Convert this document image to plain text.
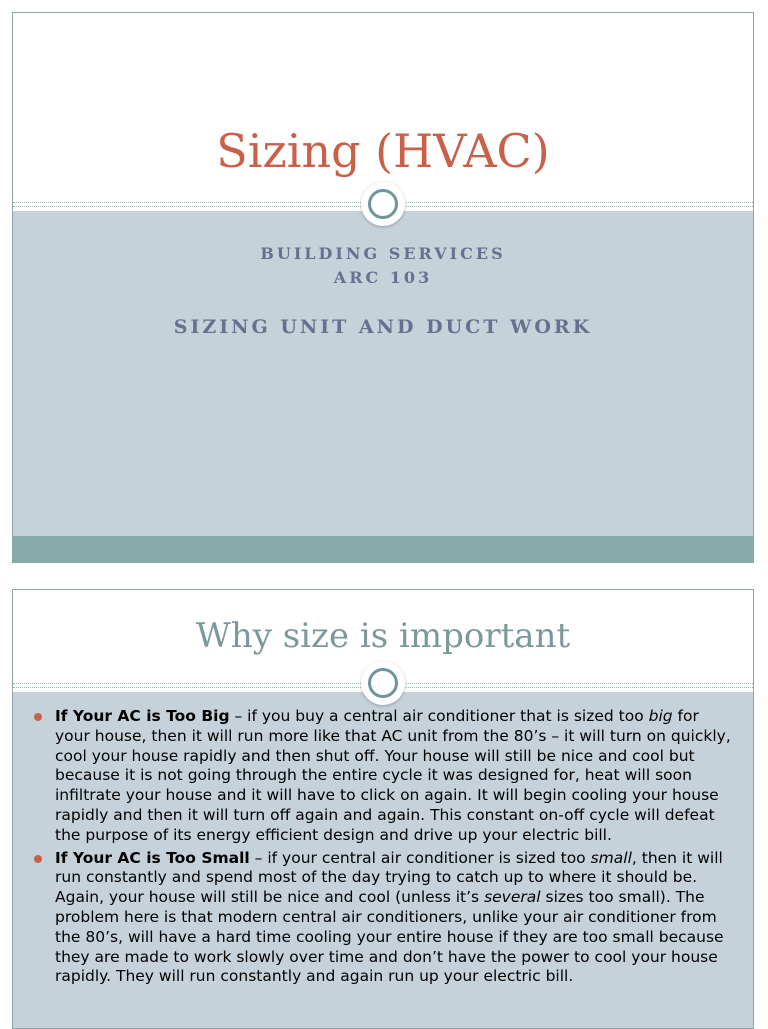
Sizing (HVAC)
BUILDING SERVICES
ARC 103
SIZING UNIT AND DUCT WORK
Why size is important
If Your AC is Too Big – if you buy a central air conditioner that is sized too big for your house, then it will run more like that AC unit from the 80’s – it will turn on quickly, cool your house rapidly and then shut off. Your house will still be nice and cool but because it is not going through the entire cycle it was designed for, heat will soon infiltrate your house and it will have to click on again. It will begin cooling your house rapidly and then it will turn off again and again. This constant on-off cycle will defeat the purpose of its energy efficient design and drive up your electric bill.
If Your AC is Too Small – if your central air conditioner is sized too small, then it will run constantly and spend most of the day trying to catch up to where it should be. Again, your house will still be nice and cool (unless it’s several sizes too small). The problem here is that modern central air conditioners, unlike your air conditioner from the 80’s, will have a hard time cooling your entire house if they are too small because they are made to work slowly over time and don’t have the power to cool your house rapidly. They will run constantly and again run up your electric bill.
